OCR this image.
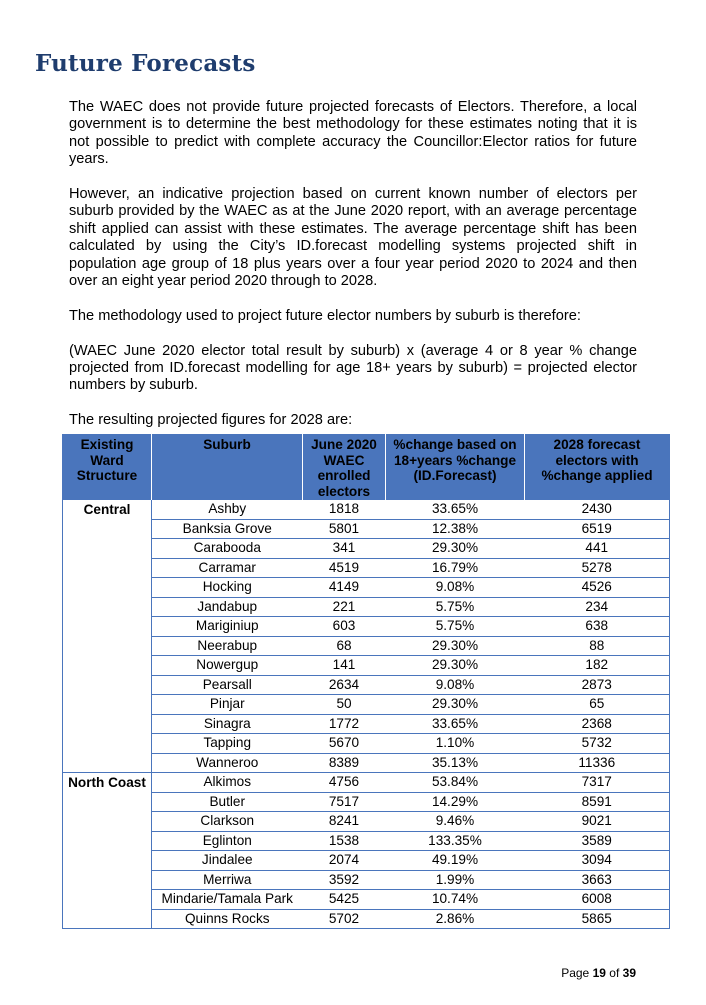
Future Forecasts

The WAEC does not provide future projected forecasts of Electors. Therefore, a local government is to determine the best methodology for these estimates noting that it is not possible to predict with complete accuracy the Councillor:Elector ratios for future years.

However, an indicative projection based on current known number of electors per suburb provided by the WAEC as at the June 2020 report, with an average percentage shift applied can assist with these estimates. The average percentage shift has been calculated by using the City’s ID.forecast modelling systems projected shift in population age group of 18 plus years over a four year period 2020 to 2024 and then over an eight year period 2020 through to 2028.

The methodology used to project future elector numbers by suburb is therefore:

(WAEC June 2020 elector total result by suburb) x (average 4 or 8 year % change projected from ID.forecast modelling for age 18+ years by suburb) = projected elector numbers by suburb.

The resulting projected figures for 2028 are:

Existing Ward Structure	Suburb	June 2020 WAEC enrolled electors	%change based on 18+years %change (ID.Forecast)	2028 forecast electors with %change applied
Central	Ashby	1818	33.65%	2430
	Banksia Grove	5801	12.38%	6519
	Carabooda	341	29.30%	441
	Carramar	4519	16.79%	5278
	Hocking	4149	9.08%	4526
	Jandabup	221	5.75%	234
	Mariginiup	603	5.75%	638
	Neerabup	68	29.30%	88
	Nowergup	141	29.30%	182
	Pearsall	2634	9.08%	2873
	Pinjar	50	29.30%	65
	Sinagra	1772	33.65%	2368
	Tapping	5670	1.10%	5732
	Wanneroo	8389	35.13%	11336
North Coast	Alkimos	4756	53.84%	7317
	Butler	7517	14.29%	8591
	Clarkson	8241	9.46%	9021
	Eglinton	1538	133.35%	3589
	Jindalee	2074	49.19%	3094
	Merriwa	3592	1.99%	3663
	Mindarie/Tamala Park	5425	10.74%	6008
	Quinns Rocks	5702	2.86%	5865
Page 19 of 39
